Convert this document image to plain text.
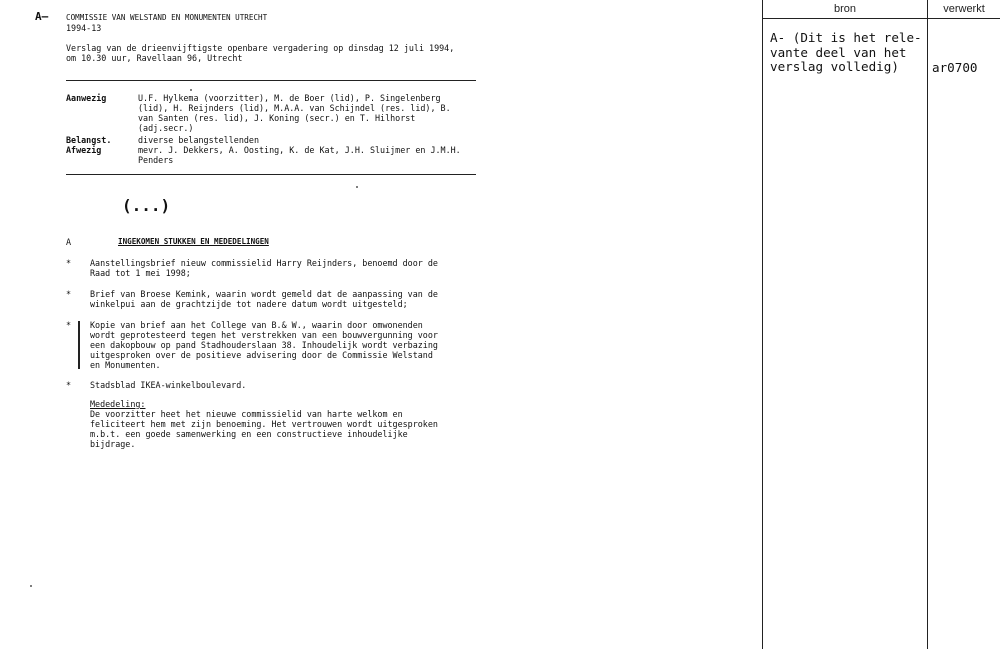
A— COMMISSIE VAN WELSTAND EN MONUMENTEN UTRECHT
1994-13
Verslag van de drieenvijftigste openbare vergadering op dinsdag 12 juli 1994,
om 10.30 uur, Ravellaan 96, Utrecht
Aanwezig	U.F. Hylkema (voorzitter), M. de Boer (lid), P. Singelenberg
(lid), H. Reijnders (lid), M.A.A. van Schijndel (res. lid), B.
van Santen (res. lid), J. Koning (secr.) en T. Hilhorst
(adj.secr.)
Belangst.	diverse belangstellenden
Afwezig	mevr. J. Dekkers, A. Oosting, K. de Kat, J.H. Sluijmer en J.M.H.
Penders
(...)
A	INGEKOMEN STUKKEN EN MEDEDELINGEN
* Aanstellingsbrief nieuw commissielid Harry Reijnders, benoemd door de
Raad tot 1 mei 1998;
* Brief van Broese Kemink, waarin wordt gemeld dat de aanpassing van de
winkelpui aan de grachtzijde tot nadere datum wordt uitgesteld;
* Kopie van brief aan het College van B.& W., waarin door omwonenden
wordt geprotesteerd tegen het verstrekken van een bouwvergunning voor
een dakopbouw op pand Stadhouderslaan 38. Inhoudelijk wordt verbazing
uitgesproken over de positieve advisering door de Commissie Welstand
en Monumenten.
* Stadsblad IKEA-winkelboulevard.
Mededeling:
De voorzitter heet het nieuwe commissielid van harte welkom en
feliciteert hem met zijn benoeming. Het vertrouwen wordt uitgesproken
m.b.t. een goede samenwerking en een constructieve inhoudelijke
bijdrage.
bron	verwerkt
A- (Dit is het rele-
vante deel van het
verslag volledig)	ar0700
